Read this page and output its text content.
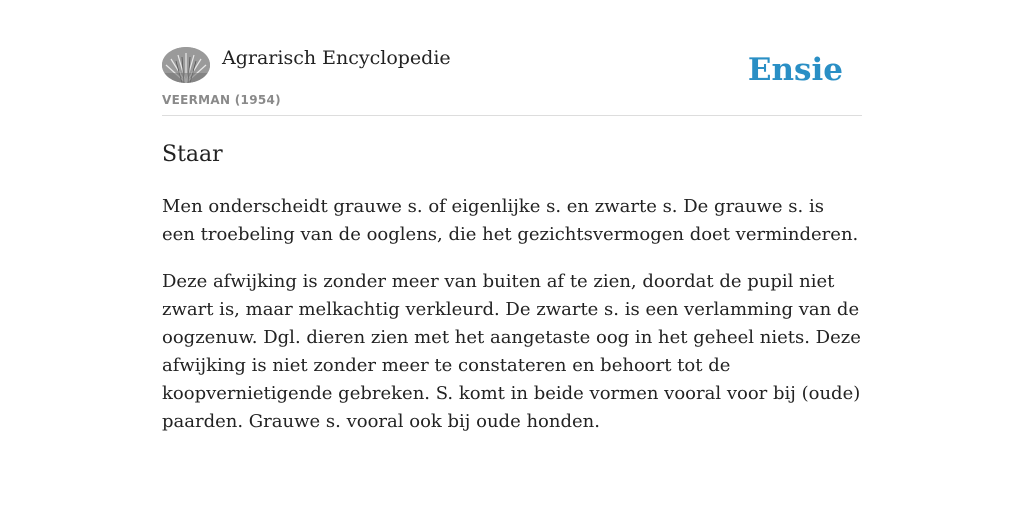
Agrarisch Encyclopedie
VEERMAN (1954)
Ensie
Staar

Men onderscheidt grauwe s. of eigenlijke s. en zwarte s. De grauwe s. is een troebeling van de ooglens, die het gezichtsvermogen doet verminderen.

Deze afwijking is zonder meer van buiten af te zien, doordat de pupil niet zwart is, maar melkachtig verkleurd. De zwarte s. is een verlamming van de oogzenuw. Dgl. dieren zien met het aangetaste oog in het geheel niets. Deze afwijking is niet zonder meer te constateren en behoort tot de koopvernietigende gebreken. S. komt in beide vormen vooral voor bij (oude) paarden. Grauwe s. vooral ook bij oude honden.
